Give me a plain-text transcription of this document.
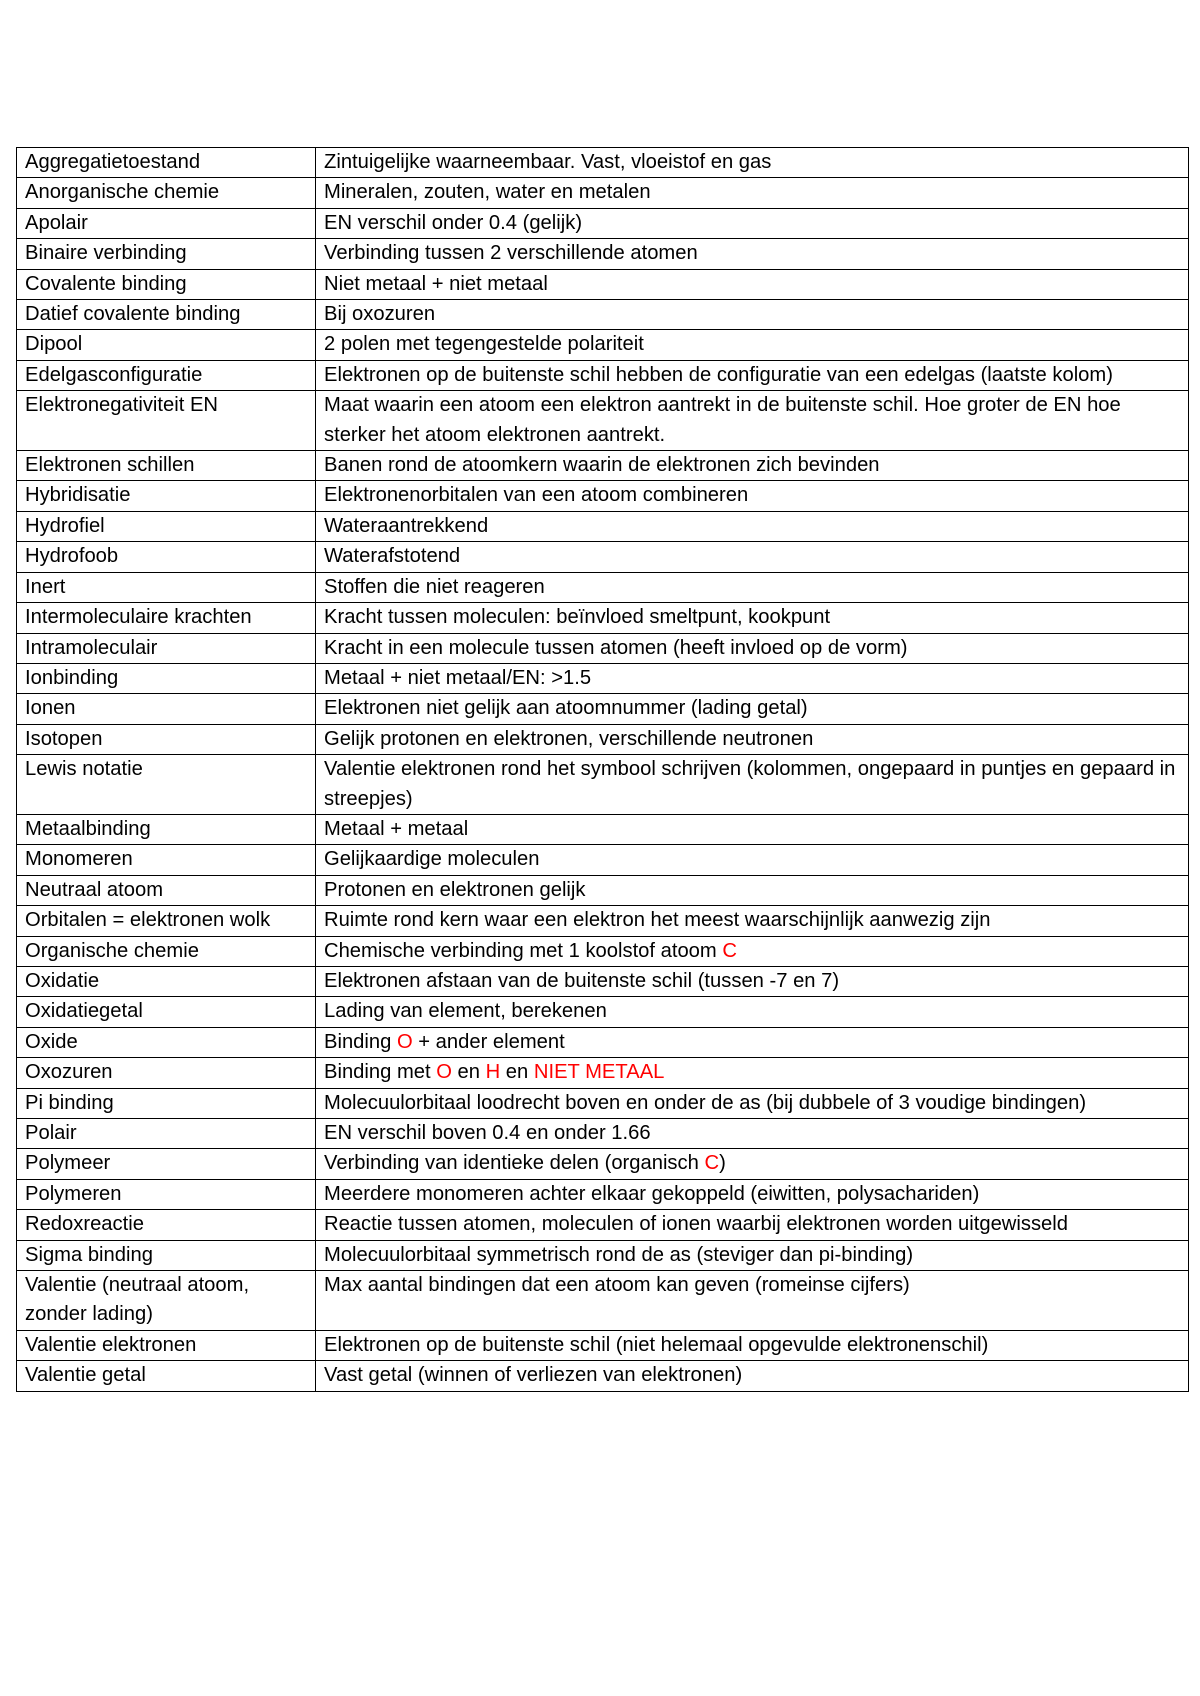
Aggregatietoestand	Zintuigelijke waarneembaar. Vast, vloeistof en gas
Anorganische chemie	Mineralen, zouten, water en metalen
Apolair	EN verschil onder 0.4 (gelijk)
Binaire verbinding	Verbinding tussen 2 verschillende atomen
Covalente binding	Niet metaal + niet metaal
Datief covalente binding	Bij oxozuren
Dipool	2 polen met tegengestelde polariteit
Edelgasconfiguratie	Elektronen op de buitenste schil hebben de configuratie van een edelgas (laatste kolom)
Elektronegativiteit EN	Maat waarin een atoom een elektron aantrekt in de buitenste schil. Hoe groter de EN hoe sterker het atoom elektronen aantrekt.
Elektronen schillen	Banen rond de atoomkern waarin de elektronen zich bevinden
Hybridisatie	Elektronenorbitalen van een atoom combineren
Hydrofiel	Wateraantrekkend
Hydrofoob	Waterafstotend
Inert	Stoffen die niet reageren
Intermoleculaire krachten	Kracht tussen moleculen: beïnvloed smeltpunt, kookpunt
Intramoleculair	Kracht in een molecule tussen atomen (heeft invloed op de vorm)
Ionbinding	Metaal + niet metaal/EN: >1.5
Ionen	Elektronen niet gelijk aan atoomnummer (lading getal)
Isotopen	Gelijk protonen en elektronen, verschillende neutronen
Lewis notatie	Valentie elektronen rond het symbool schrijven (kolommen, ongepaard in puntjes en gepaard in streepjes)
Metaalbinding	Metaal + metaal
Monomeren	Gelijkaardige moleculen
Neutraal atoom	Protonen en elektronen gelijk
Orbitalen = elektronen wolk	Ruimte rond kern waar een elektron het meest waarschijnlijk aanwezig zijn
Organische chemie	Chemische verbinding met 1 koolstof atoom C
Oxidatie	Elektronen afstaan van de buitenste schil (tussen -7 en 7)
Oxidatiegetal	Lading van element, berekenen
Oxide	Binding O + ander element
Oxozuren	Binding met O en H en NIET METAAL
Pi binding	Molecuulorbitaal loodrecht boven en onder de as (bij dubbele of 3 voudige bindingen)
Polair	EN verschil boven 0.4 en onder 1.66
Polymeer	Verbinding van identieke delen (organisch C)
Polymeren	Meerdere monomeren achter elkaar gekoppeld (eiwitten, polysachariden)
Redoxreactie	Reactie tussen atomen, moleculen of ionen waarbij elektronen worden uitgewisseld
Sigma binding	Molecuulorbitaal symmetrisch rond de as (steviger dan pi-binding)
Valentie (neutraal atoom, zonder lading)	Max aantal bindingen dat een atoom kan geven (romeinse cijfers)
Valentie elektronen	Elektronen op de buitenste schil (niet helemaal opgevulde elektronenschil)
Valentie getal	Vast getal (winnen of verliezen van elektronen)
